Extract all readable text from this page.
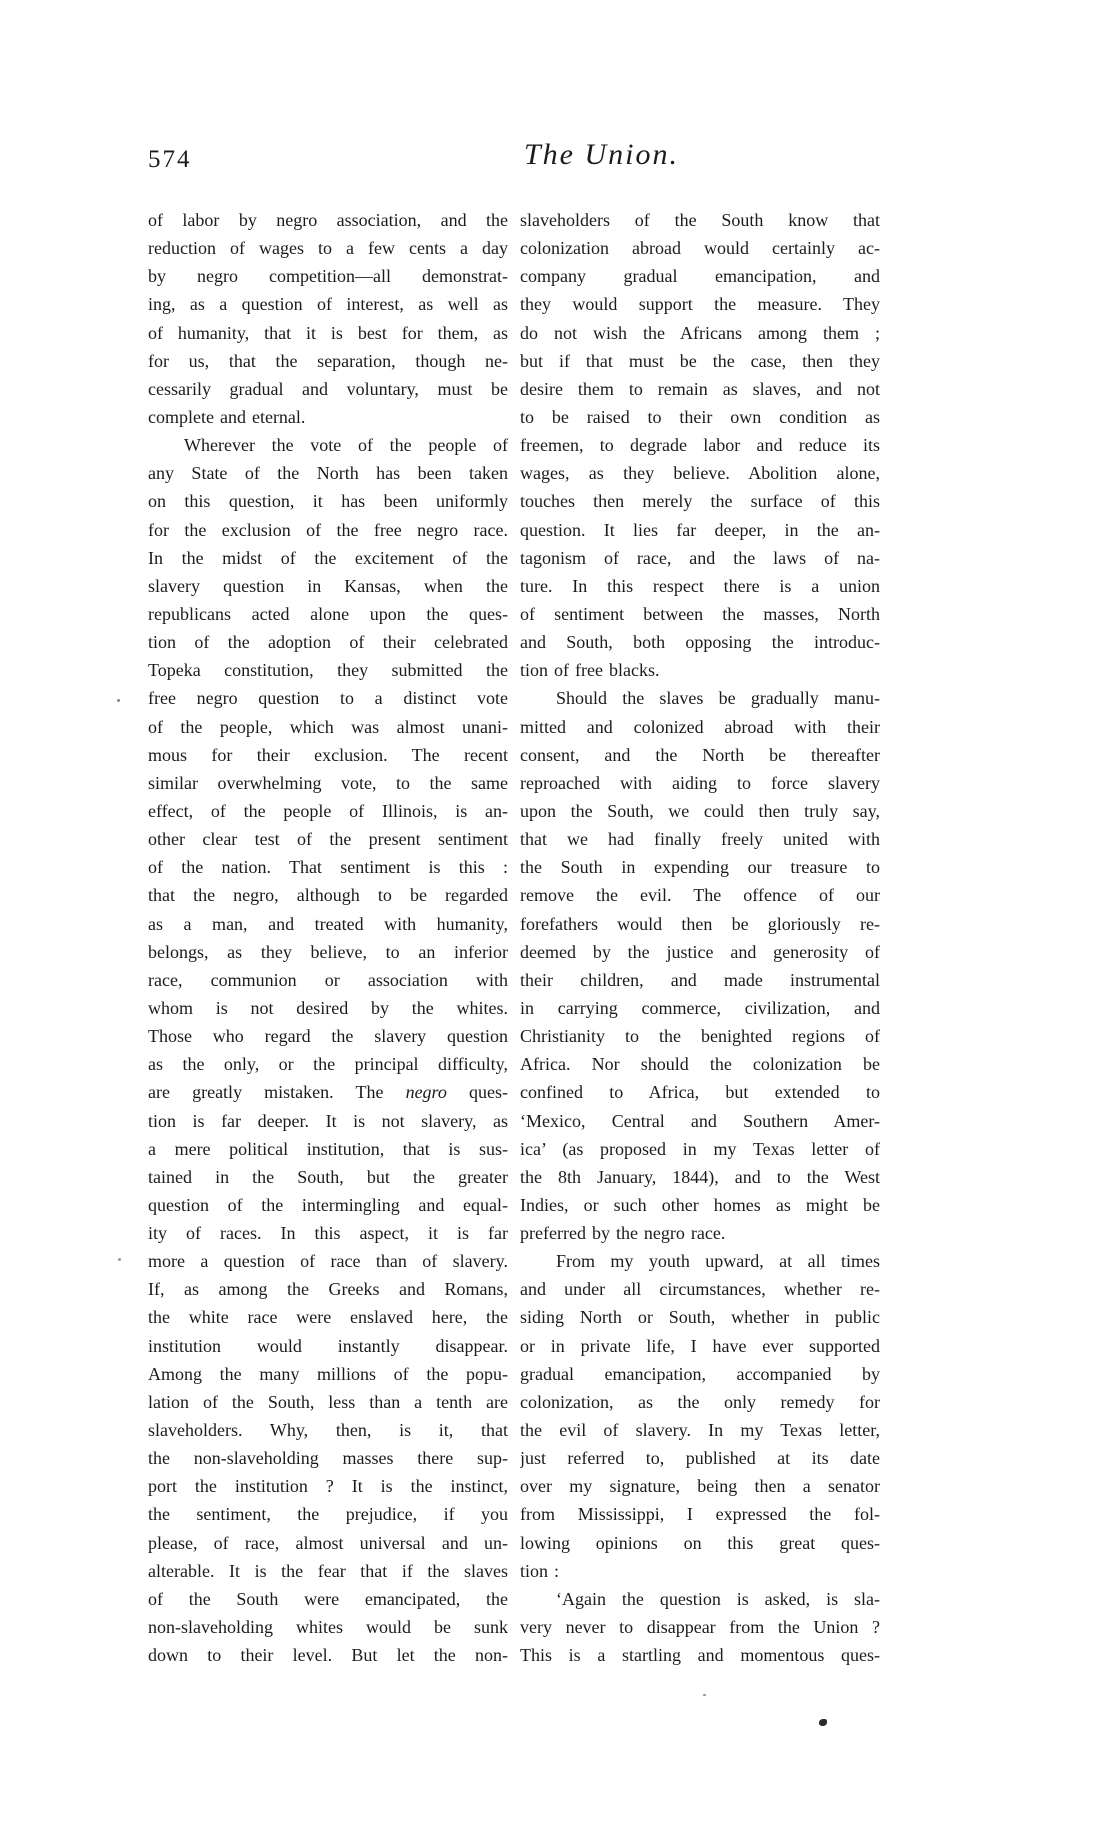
574	The Union.
of labor by negro association, and the
reduction of wages to a few cents a day
by negro competition—all demonstrat-
ing, as a question of interest, as well as
of humanity, that it is best for them, as
for us, that the separation, though ne-
cessarily gradual and voluntary, must be
complete and eternal.
Wherever the vote of the people of
any State of the North has been taken
on this question, it has been uniformly
for the exclusion of the free negro race.
In the midst of the excitement of the
slavery question in Kansas, when the
republicans acted alone upon the ques-
tion of the adoption of their celebrated
Topeka constitution, they submitted the
free negro question to a distinct vote
of the people, which was almost unani-
mous for their exclusion. The recent
similar overwhelming vote, to the same
effect, of the people of Illinois, is an-
other clear test of the present sentiment
of the nation. That sentiment is this :
that the negro, although to be regarded
as a man, and treated with humanity,
belongs, as they believe, to an inferior
race, communion or association with
whom is not desired by the whites.
Those who regard the slavery question
as the only, or the principal difficulty,
are greatly mistaken. The negro ques-
tion is far deeper. It is not slavery, as
a mere political institution, that is sus-
tained in the South, but the greater
question of the intermingling and equal-
ity of races. In this aspect, it is far
more a question of race than of slavery.
If, as among the Greeks and Romans,
the white race were enslaved here, the
institution would instantly disappear.
Among the many millions of the popu-
lation of the South, less than a tenth are
slaveholders. Why, then, is it, that
the non-slaveholding masses there sup-
port the institution ? It is the instinct,
the sentiment, the prejudice, if you
please, of race, almost universal and un-
alterable. It is the fear that if the slaves
of the South were emancipated, the
non-slaveholding whites would be sunk
down to their level. But let the non-
slaveholders of the South know that
colonization abroad would certainly ac-
company gradual emancipation, and
they would support the measure. They
do not wish the Africans among them ;
but if that must be the case, then they
desire them to remain as slaves, and not
to be raised to their own condition as
freemen, to degrade labor and reduce its
wages, as they believe. Abolition alone,
touches then merely the surface of this
question. It lies far deeper, in the an-
tagonism of race, and the laws of na-
ture. In this respect there is a union
of sentiment between the masses, North
and South, both opposing the introduc-
tion of free blacks.
Should the slaves be gradually manu-
mitted and colonized abroad with their
consent, and the North be thereafter
reproached with aiding to force slavery
upon the South, we could then truly say,
that we had finally freely united with
the South in expending our treasure to
remove the evil. The offence of our
forefathers would then be gloriously re-
deemed by the justice and generosity of
their children, and made instrumental
in carrying commerce, civilization, and
Christianity to the benighted regions of
Africa. Nor should the colonization be
confined to Africa, but extended to
‘Mexico, Central and Southern Amer-
ica’ (as proposed in my Texas letter of
the 8th January, 1844), and to the West
Indies, or such other homes as might be
preferred by the negro race.
From my youth upward, at all times
and under all circumstances, whether re-
siding North or South, whether in public
or in private life, I have ever supported
gradual emancipation, accompanied by
colonization, as the only remedy for
the evil of slavery. In my Texas letter,
just referred to, published at its date
over my signature, being then a senator
from Mississippi, I expressed the fol-
lowing opinions on this great ques-
tion :
‘Again the question is asked, is sla-
very never to disappear from the Union ?
This is a startling and momentous ques-
